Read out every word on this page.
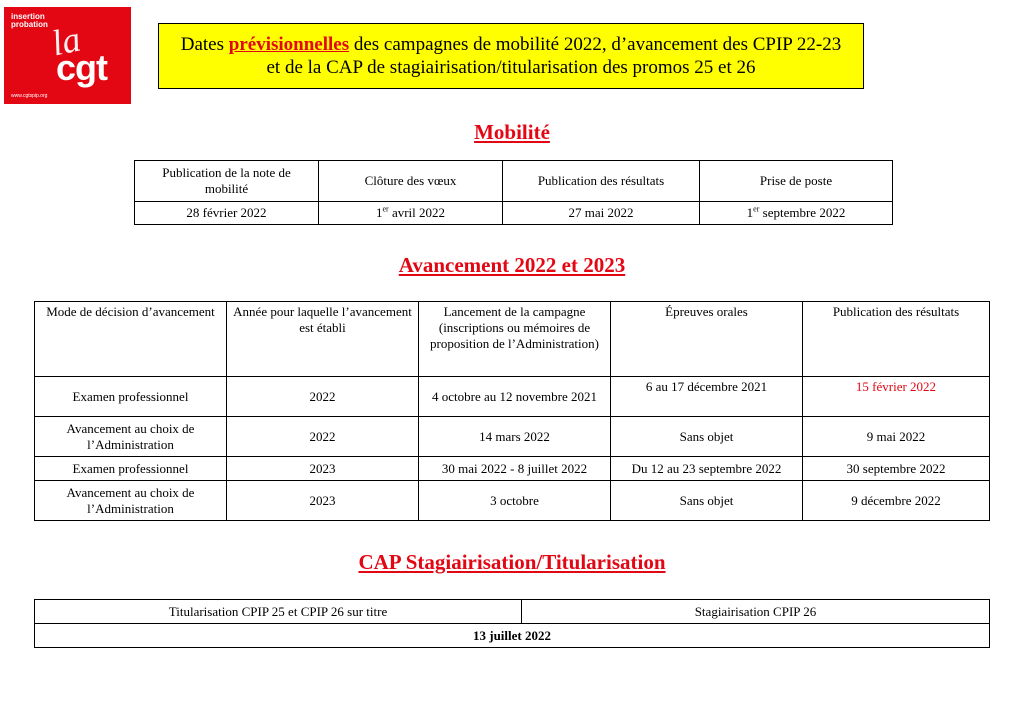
insertion
probation la
cgt
www.cgtspip.org
Dates prévisionnelles des campagnes de mobilité 2022, d’avancement des CPIP 22-23
et de la CAP de stagiairisation/titularisation des promos 25 et 26
Mobilité
Publication de la note de mobilité	Clôture des vœux	Publication des résultats	Prise de poste
28 février 2022	1er avril 2022	27 mai 2022	1er septembre 2022
Avancement 2022 et 2023
Mode de décision d’avancement	Année pour laquelle l’avancement est établi	Lancement de la campagne (inscriptions ou mémoires de proposition de l’Administration)	Épreuves orales	Publication des résultats
Examen professionnel	2022	4 octobre au 12 novembre 2021	6 au 17 décembre 2021	15 février 2022
Avancement au choix de l’Administration	2022	14 mars 2022	Sans objet	9 mai 2022
Examen professionnel	2023	30 mai 2022 - 8 juillet 2022	Du 12 au 23 septembre 2022	30 septembre 2022
Avancement au choix de l’Administration	2023	3 octobre	Sans objet	9 décembre 2022
CAP Stagiairisation/Titularisation
Titularisation CPIP 25 et CPIP 26 sur titre	Stagiairisation CPIP 26
13 juillet 2022
